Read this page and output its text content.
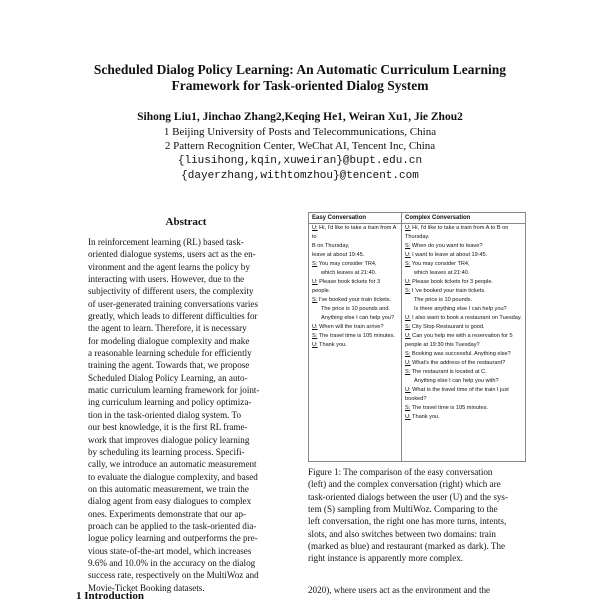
Scheduled Dialog Policy Learning: An Automatic Curriculum Learning
Framework for Task-oriented Dialog System
Sihong Liu1, Jinchao Zhang2,Keqing He1, Weiran Xu1, Jie Zhou2
1 Beijing University of Posts and Telecommunications, China
2 Pattern Recognition Center, WeChat AI, Tencent Inc, China
{liusihong,kqin,xuweiran}@bupt.edu.cn
{dayerzhang,withtomzhou}@tencent.com
Abstract
In reinforcement learning (RL) based task-
oriented dialogue systems, users act as the en-
vironment and the agent learns the policy by
interacting with users. However, due to the
subjectivity of different users, the complexity
of user-generated training conversations varies
greatly, which leads to different difficulties for
the agent to learn. Therefore, it is necessary
for modeling dialogue complexity and make
a reasonable learning schedule for efficiently
training the agent. Towards that, we propose
Scheduled Dialog Policy Learning, an auto-
matic curriculum learning framework for joint-
ing curriculum learning and policy optimiza-
tion in the task-oriented dialog system. To
our best knowledge, it is the first RL frame-
work that improves dialogue policy learning
by scheduling its learning process. Specifi-
cally, we introduce an automatic measurement
to evaluate the dialogue complexity, and based
on this automatic measurement, we train the
dialog agent from easy dialogues to complex
ones. Experiments demonstrate that our ap-
proach can be applied to the task-oriented dia-
logue policy learning and outperforms the pre-
vious state-of-the-art model, which increases
9.6% and 10.0% in the accuracy on the dialog
success rate, respectively on the MultiWoz and
Movie-Ticket Booking datasets.
1 Introduction
Easy Conversation
U: Hi, I'd like to take a train from A to
B on Thursday,
leave at about 19:45.
S: You may consider TR4,
which leaves at 21:40.
U: Please book tickets for 3 people.
S: I've booked your train tickets.
The price is 10 pounds and.
Anything else I can help you?
U: When will the train arrive?
S: The travel time is 105 minutes.
U: Thank you.
Complex Conversation
U: Hi, I'd like to take a train from A to B on
Thursday.
S: When do you want to leave?
U: I want to leave at about 19:45.
S: You may consider TR4,
which leaves at 21:40.
U: Please book tickets for 3 people.
S: I 've booked your train tickets.
The price is 10 pounds.
Is there anything else I can help you?
U: I also want to book a restaurant on Tuesday.
S: City Stop Restaurant is good.
U: Can you help me with a reservation for 5
people at 19:30 this Tuesday?
S: Booking was successful. Anything else?
U: What's the address of the restaurant?
S: The restaurant is located at C.
Anything else I can help you with?
U: What is the travel time of the train I just
booked?
S: The travel time is 105 minutes.
U: Thank you.
Figure 1: The comparison of the easy conversation
(left) and the complex conversation (right) which are
task-oriented dialogs between the user (U) and the sys-
tem (S) sampling from MultiWoz. Comparing to the
left conversation, the right one has more turns, intents,
slots, and also switches between two domains: train
(marked as blue) and restaurant (marked as dark). The
right instance is apparently more complex.
2020), where users act as the environment and the
